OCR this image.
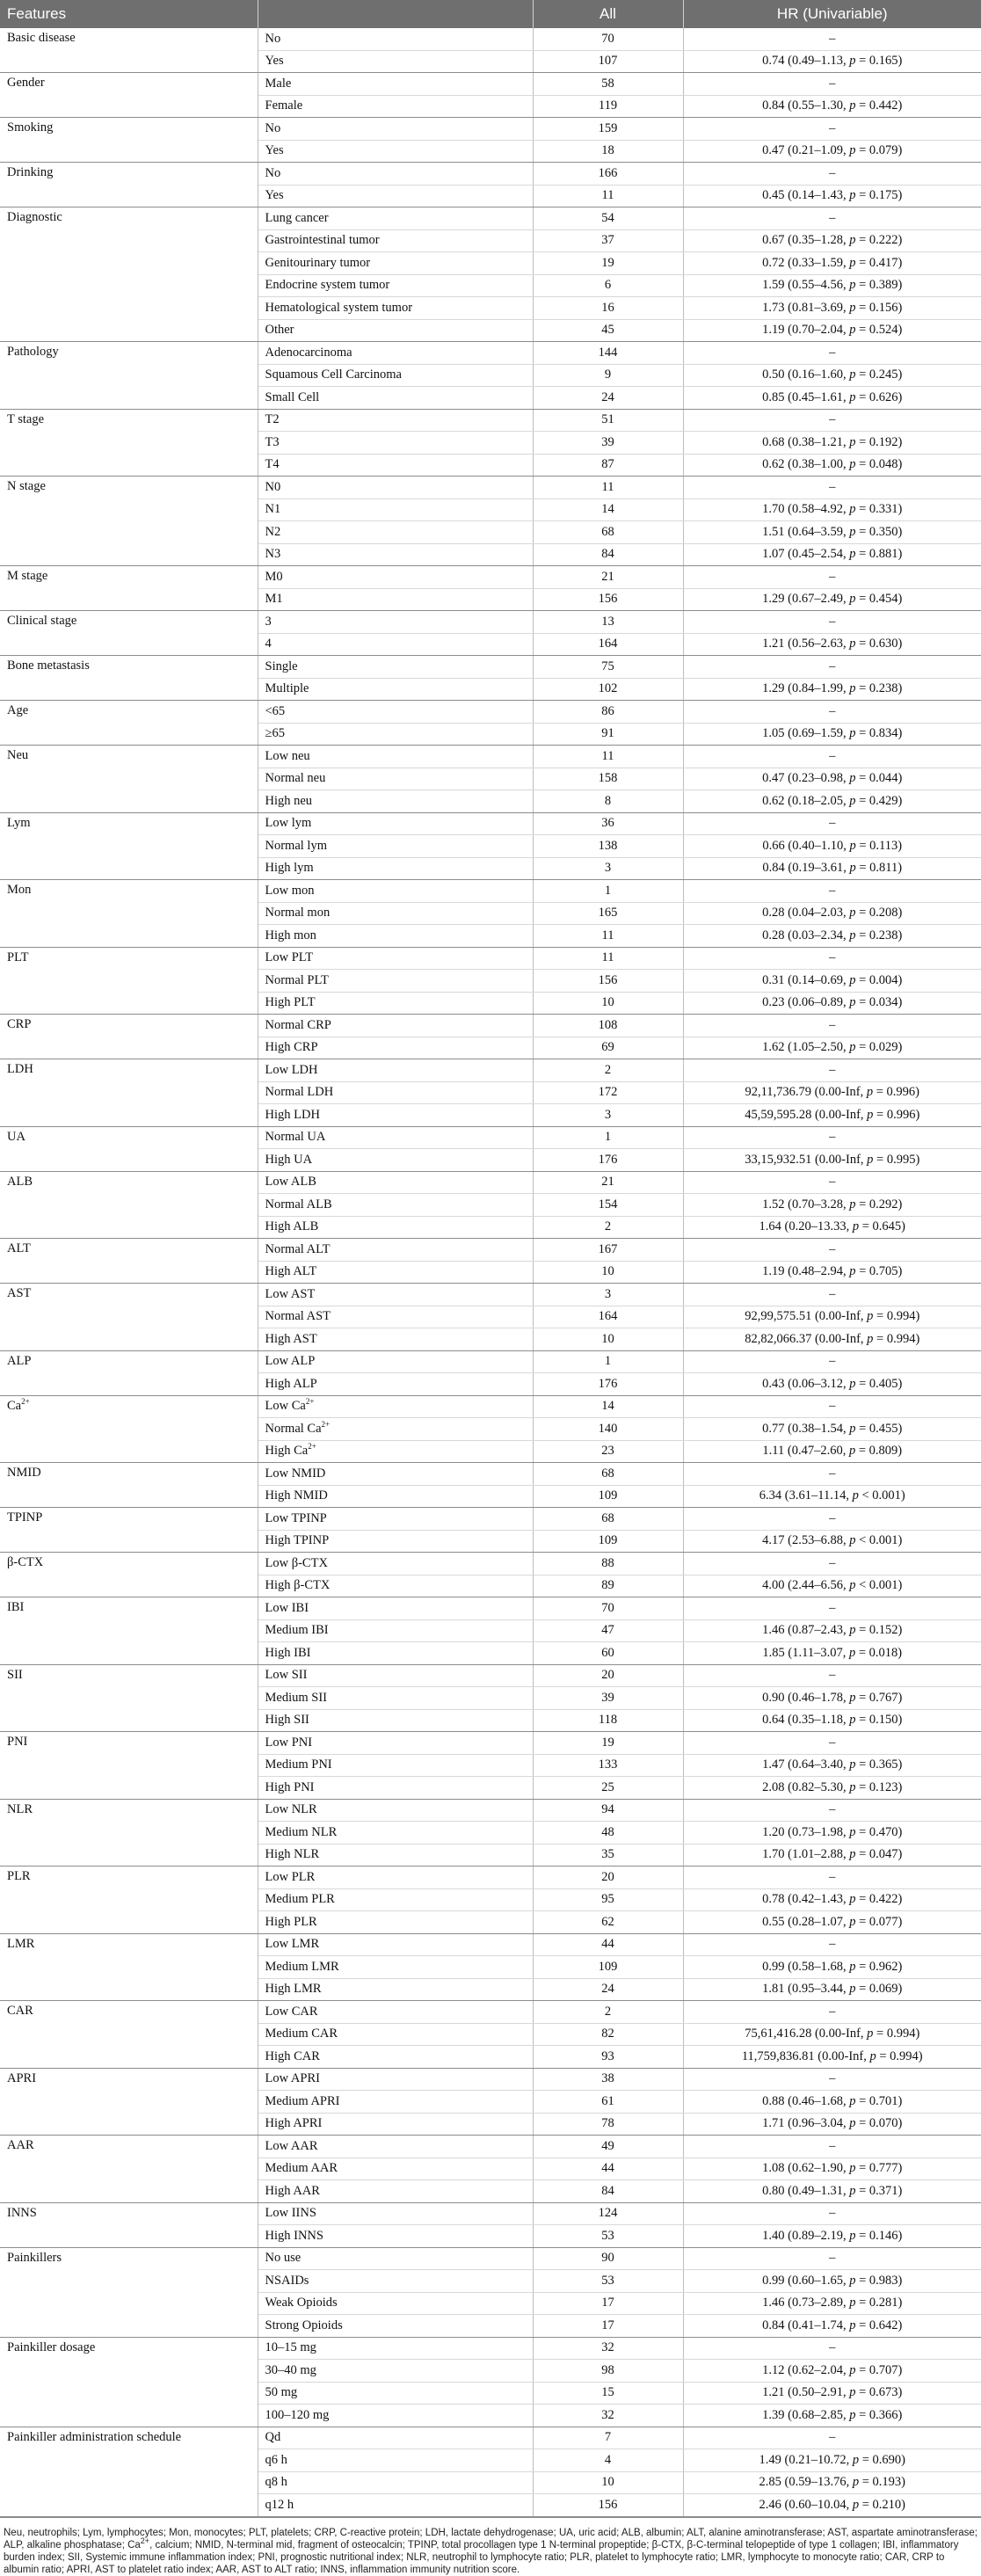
Features		All	HR (Univariable)
Basic disease	No	70	–
	Yes	107	0.74 (0.49–1.13, p = 0.165)
Gender	Male	58	–
	Female	119	0.84 (0.55–1.30, p = 0.442)
Smoking	No	159	–
	Yes	18	0.47 (0.21–1.09, p = 0.079)
Drinking	No	166	–
	Yes	11	0.45 (0.14–1.43, p = 0.175)
Diagnostic	Lung cancer	54	–
	Gastrointestinal tumor	37	0.67 (0.35–1.28, p = 0.222)
	Genitourinary tumor	19	0.72 (0.33–1.59, p = 0.417)
	Endocrine system tumor	6	1.59 (0.55–4.56, p = 0.389)
	Hematological system tumor	16	1.73 (0.81–3.69, p = 0.156)
	Other	45	1.19 (0.70–2.04, p = 0.524)
Pathology	Adenocarcinoma	144	–
	Squamous Cell Carcinoma	9	0.50 (0.16–1.60, p = 0.245)
	Small Cell	24	0.85 (0.45–1.61, p = 0.626)
T stage	T2	51	–
	T3	39	0.68 (0.38–1.21, p = 0.192)
	T4	87	0.62 (0.38–1.00, p = 0.048)
N stage	N0	11	–
	N1	14	1.70 (0.58–4.92, p = 0.331)
	N2	68	1.51 (0.64–3.59, p = 0.350)
	N3	84	1.07 (0.45–2.54, p = 0.881)
M stage	M0	21	–
	M1	156	1.29 (0.67–2.49, p = 0.454)
Clinical stage	3	13	–
	4	164	1.21 (0.56–2.63, p = 0.630)
Bone metastasis	Single	75	–
	Multiple	102	1.29 (0.84–1.99, p = 0.238)
Age	<65	86	–
	≥65	91	1.05 (0.69–1.59, p = 0.834)
Neu	Low neu	11	–
	Normal neu	158	0.47 (0.23–0.98, p = 0.044)
	High neu	8	0.62 (0.18–2.05, p = 0.429)
Lym	Low lym	36	–
	Normal lym	138	0.66 (0.40–1.10, p = 0.113)
	High lym	3	0.84 (0.19–3.61, p = 0.811)
Mon	Low mon	1	–
	Normal mon	165	0.28 (0.04–2.03, p = 0.208)
	High mon	11	0.28 (0.03–2.34, p = 0.238)
PLT	Low PLT	11	–
	Normal PLT	156	0.31 (0.14–0.69, p = 0.004)
	High PLT	10	0.23 (0.06–0.89, p = 0.034)
CRP	Normal CRP	108	–
	High CRP	69	1.62 (1.05–2.50, p = 0.029)
LDH	Low LDH	2	–
	Normal LDH	172	92,11,736.79 (0.00-Inf, p = 0.996)
	High LDH	3	45,59,595.28 (0.00-Inf, p = 0.996)
UA	Normal UA	1	–
	High UA	176	33,15,932.51 (0.00-Inf, p = 0.995)
ALB	Low ALB	21	–
	Normal ALB	154	1.52 (0.70–3.28, p = 0.292)
	High ALB	2	1.64 (0.20–13.33, p = 0.645)
ALT	Normal ALT	167	–
	High ALT	10	1.19 (0.48–2.94, p = 0.705)
AST	Low AST	3	–
	Normal AST	164	92,99,575.51 (0.00-Inf, p = 0.994)
	High AST	10	82,82,066.37 (0.00-Inf, p = 0.994)
ALP	Low ALP	1	–
	High ALP	176	0.43 (0.06–3.12, p = 0.405)
$Ca^{2+}$	Low $Ca^{2+}$	14	–
	Normal $Ca^{2+}$	140	0.77 (0.38–1.54, p = 0.455)
	High $Ca^{2+}$	23	1.11 (0.47–2.60, p = 0.809)
NMID	Low NMID	68	–
	High NMID	109	6.34 (3.61–11.14, p < 0.001)
TPINP	Low TPINP	68	–
	High TPINP	109	4.17 (2.53–6.88, p < 0.001)
β-CTX	Low β-CTX	88	–
	High β-CTX	89	4.00 (2.44–6.56, p < 0.001)
IBI	Low IBI	70	–
	Medium IBI	47	1.46 (0.87–2.43, p = 0.152)
	High IBI	60	1.85 (1.11–3.07, p = 0.018)
SII	Low SII	20	–
	Medium SII	39	0.90 (0.46–1.78, p = 0.767)
	High SII	118	0.64 (0.35–1.18, p = 0.150)
PNI	Low PNI	19	–
	Medium PNI	133	1.47 (0.64–3.40, p = 0.365)
	High PNI	25	2.08 (0.82–5.30, p = 0.123)
NLR	Low NLR	94	–
	Medium NLR	48	1.20 (0.73–1.98, p = 0.470)
	High NLR	35	1.70 (1.01–2.88, p = 0.047)
PLR	Low PLR	20	–
	Medium PLR	95	0.78 (0.42–1.43, p = 0.422)
	High PLR	62	0.55 (0.28–1.07, p = 0.077)
LMR	Low LMR	44	–
	Medium LMR	109	0.99 (0.58–1.68, p = 0.962)
	High LMR	24	1.81 (0.95–3.44, p = 0.069)
CAR	Low CAR	2	–
	Medium CAR	82	75,61,416.28 (0.00-Inf, p = 0.994)
	High CAR	93	11,759,836.81 (0.00-Inf, p = 0.994)
APRI	Low APRI	38	–
	Medium APRI	61	0.88 (0.46–1.68, p = 0.701)
	High APRI	78	1.71 (0.96–3.04, p = 0.070)
AAR	Low AAR	49	–
	Medium AAR	44	1.08 (0.62–1.90, p = 0.777)
	High AAR	84	0.80 (0.49–1.31, p = 0.371)
INNS	Low IINS	124	–
	High INNS	53	1.40 (0.89–2.19, p = 0.146)
Painkillers	No use	90	–
	NSAIDs	53	0.99 (0.60–1.65, p = 0.983)
	Weak Opioids	17	1.46 (0.73–2.89, p = 0.281)
	Strong Opioids	17	0.84 (0.41–1.74, p = 0.642)
Painkiller dosage	10–15 mg	32	–
	30–40 mg	98	1.12 (0.62–2.04, p = 0.707)
	50 mg	15	1.21 (0.50–2.91, p = 0.673)
	100–120 mg	32	1.39 (0.68–2.85, p = 0.366)
Painkiller administration schedule	Qd	7	–
	q6 h	4	1.49 (0.21–10.72, p = 0.690)
	q8 h	10	2.85 (0.59–13.76, p = 0.193)
	q12 h	156	2.46 (0.60–10.04, p = 0.210)
Neu, neutrophils; Lym, lymphocytes; Mon, monocytes; PLT, platelets; CRP, C-reactive protein; LDH, lactate dehydrogenase; UA, uric acid; ALB, albumin; ALT, alanine aminotransferase; AST, aspartate aminotransferase; ALP, alkaline phosphatase; $Ca^{2+}$, calcium; NMID, N-terminal mid, fragment of osteocalcin; TPINP, total procollagen type 1 N-terminal propeptide; β-CTX, β-C-terminal telopeptide of type 1 collagen; IBI, inflammatory burden index; SII, Systemic immune inflammation index; PNI, prognostic nutritional index; NLR, neutrophil to lymphocyte ratio; PLR, platelet to lymphocyte ratio; LMR, lymphocyte to monocyte ratio; CAR, CRP to albumin ratio; APRI, AST to platelet ratio index; AAR, AST to ALT ratio; INNS, inflammation immunity nutrition score.
